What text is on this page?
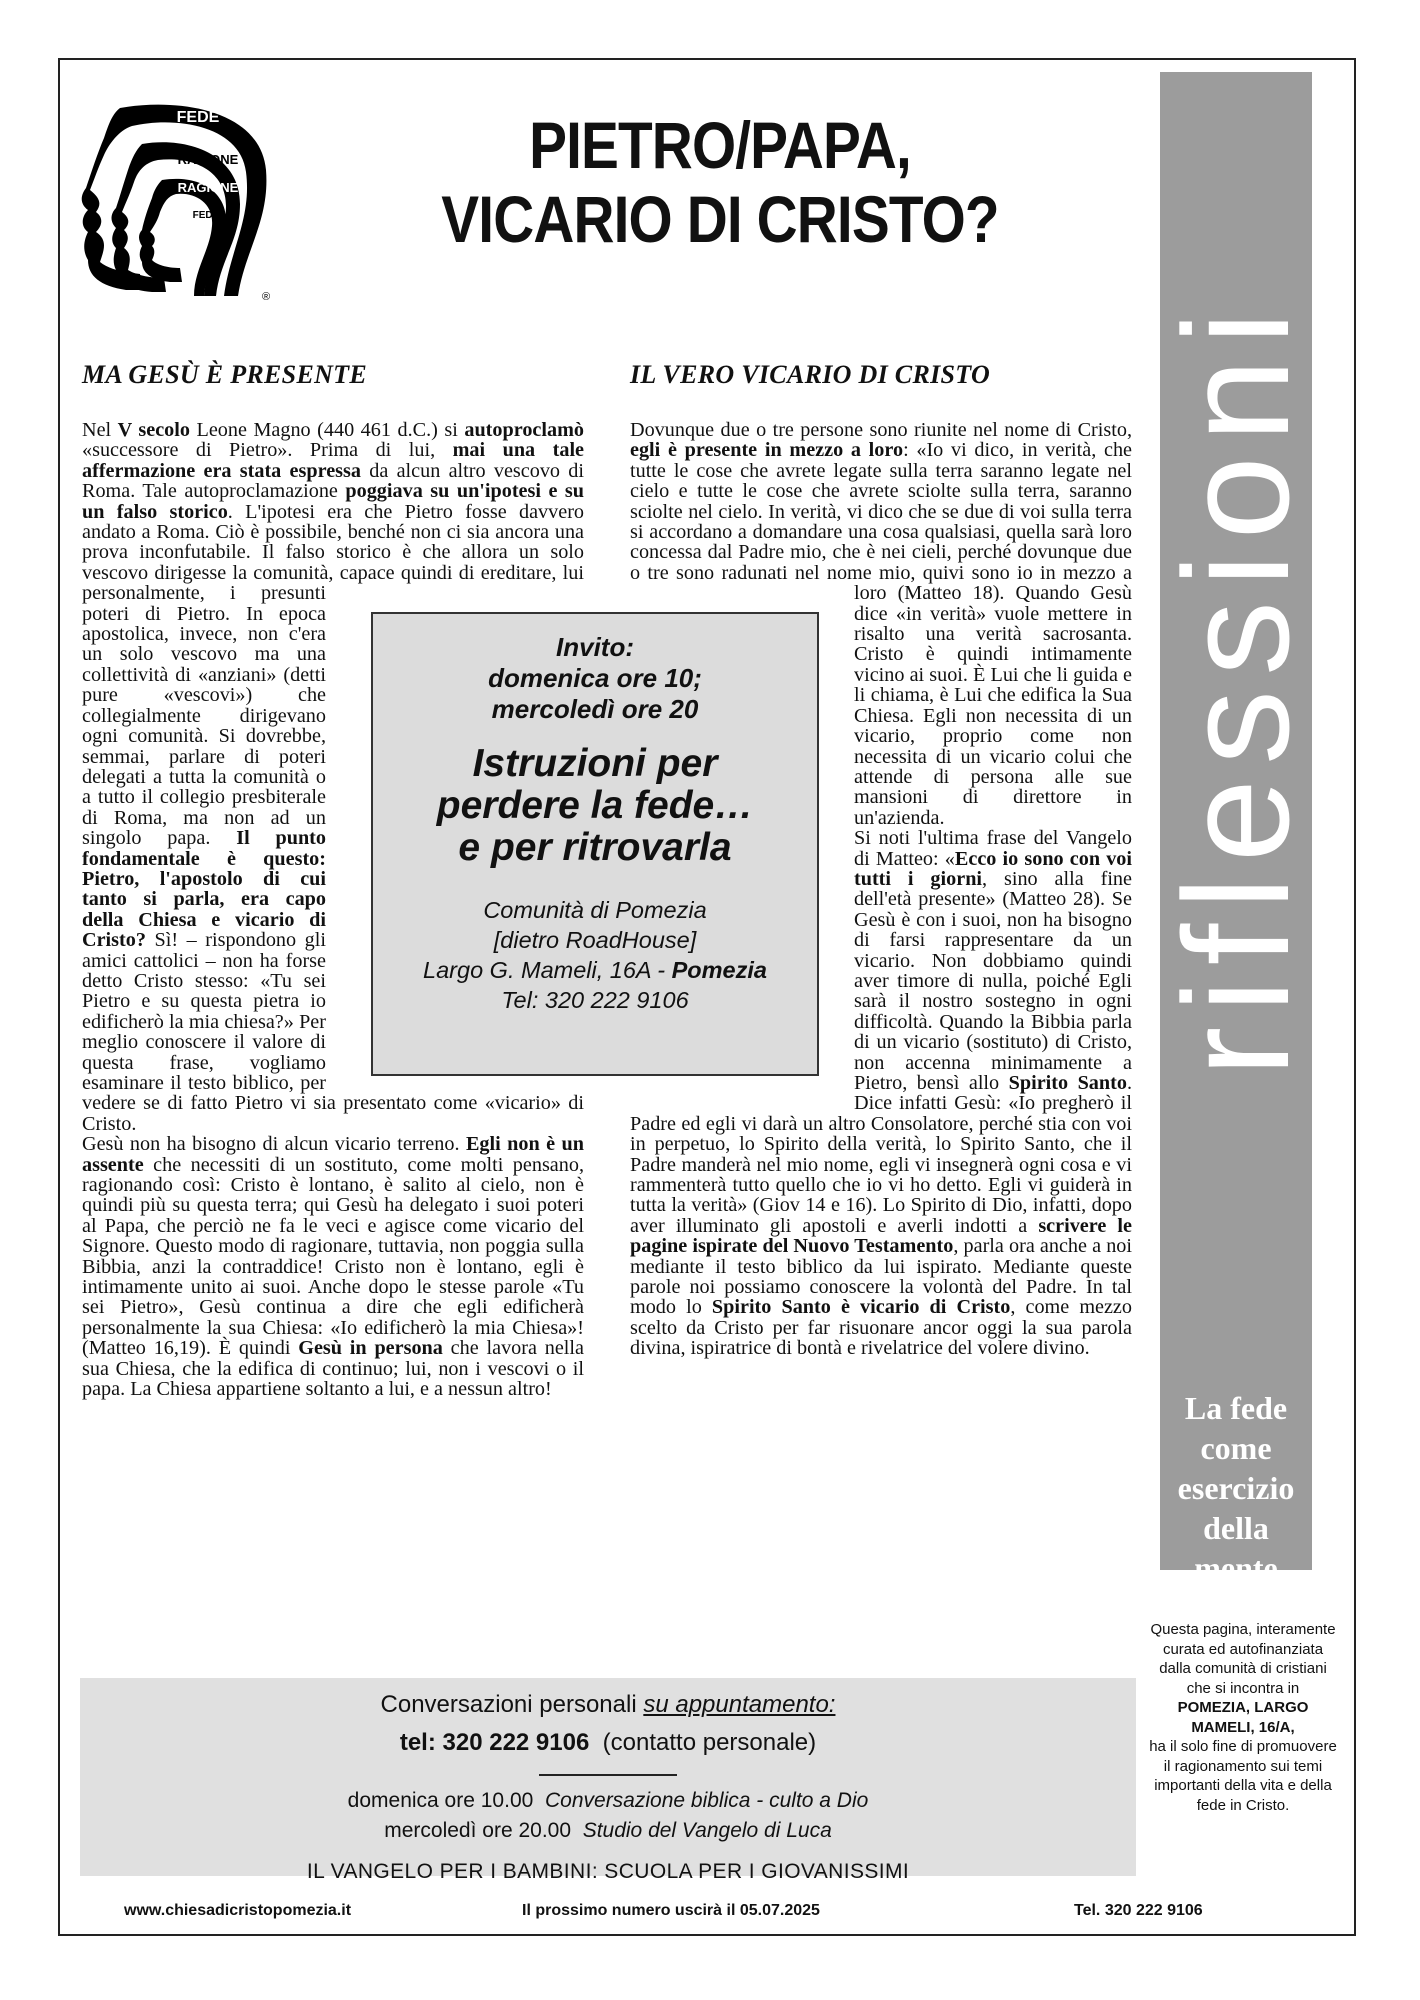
FEDE
RAGIONE
RAGIONE
FEDE
®
PIETRO/PAPA,
VICARIO DI CRISTO?
riflessioni
La fede
come
esercizio
della
mente
MA GESÙ È PRESENTE	IL VERO VICARIO DI CRISTO

Nel V secolo Leone Magno (440 461 d.C.) si autoproclamò «successore di Pietro». Prima di lui, mai una tale affermazione era stata espressa da alcun altro vescovo di Roma. Tale autoproclamazione poggiava su un'ipotesi e su un falso storico. L'ipotesi era che Pietro fosse davvero andato a Roma. Ciò è possibile, benché non ci sia ancora una prova inconfutabile. Il falso storico è che allora un solo vescovo dirigesse la comunità, capace quindi di ereditare, lui personalmente, i presunti poteri di Pietro. In epoca apostolica, invece, non c'era un solo vescovo ma una collettività di «anziani» (detti pure «vescovi») che collegialmente dirigevano ogni comunità. Si dovrebbe, semmai, parlare di poteri delegati a tutta la comunità o a tutto il collegio presbiterale di Roma, ma non ad un singolo papa. Il punto fondamentale è questo: Pietro, l'apostolo di cui tanto si parla, era capo della Chiesa e vicario di Cristo? Sì! – rispondono gli amici cattolici – non ha forse detto Cristo stesso: «Tu sei Pietro e su questa pietra io edificherò la mia chiesa?» Per meglio conoscere il valore di questa frase, vogliamo esaminare il testo biblico, per vedere se di fatto Pietro vi sia presentato come «vicario» di Cristo.

Gesù non ha bisogno di alcun vicario terreno. Egli non è un assente che necessiti di un sostituto, come molti pensano, ragionando così: Cristo è lontano, è salito al cielo, non è quindi più su questa terra; qui Gesù ha delegato i suoi poteri al Papa, che perciò ne fa le veci e agisce come vicario del Signore. Questo modo di ragionare, tuttavia, non poggia sulla Bibbia, anzi la contraddice! Cristo non è lontano, egli è intimamente unito ai suoi. Anche dopo le stesse parole «Tu sei Pietro», Gesù continua a dire che egli edificherà personalmente la sua Chiesa: «Io edificherò la mia Chiesa»! (Matteo 16,19). È quindi Gesù in persona che lavora nella sua Chiesa, che la edifica di continuo; lui, non i vescovi o il papa. La Chiesa appartiene soltanto a lui, e a nessun altro!

Dovunque due o tre persone sono riunite nel nome di Cristo, egli è presente in mezzo a loro: «Io vi dico, in verità, che tutte le cose che avrete legate sulla terra saranno legate nel cielo e tutte le cose che avrete sciolte sulla terra, saranno sciolte nel cielo. In verità, vi dico che se due di voi sulla terra si accordano a domandare una cosa qualsiasi, quella sarà loro concessa dal Padre mio, che è nei cieli, perché dovunque due o tre sono radunati nel nome mio, quivi sono io in mezzo a loro (Matteo 18). Quando Gesù dice «in verità» vuole mettere in risalto una verità sacrosanta. Cristo è quindi intimamente vicino ai suoi. È Lui che li guida e li chiama, è Lui che edifica la Sua Chiesa. Egli non necessita di un vicario, proprio come non necessita di un vicario colui che attende di persona alle sue mansioni di direttore in un'azienda.

Si noti l'ultima frase del Vangelo di Matteo: «Ecco io sono con voi tutti i giorni, sino alla fine dell'età presente» (Matteo 28). Se Gesù è con i suoi, non ha bisogno di farsi rappresentare da un vicario. Non dobbiamo quindi aver timore di nulla, poiché Egli sarà il nostro sostegno in ogni difficoltà. Quando la Bibbia parla di un vicario (sostituto) di Cristo, non accenna minimamente a Pietro, bensì allo Spirito Santo. Dice infatti Gesù: «Io pregherò il Padre ed egli vi darà un altro Consolatore, perché stia con voi in perpetuo, lo Spirito della verità, lo Spirito Santo, che il Padre manderà nel mio nome, egli vi insegnerà ogni cosa e vi rammenterà tutto quello che io vi ho detto. Egli vi guiderà in tutta la verità» (Giov 14 e 16). Lo Spirito di Dio, infatti, dopo aver illuminato gli apostoli e averli indotti a scrivere le pagine ispirate del Nuovo Testamento, parla ora anche a noi mediante il testo biblico da lui ispirato. Mediante queste parole noi possiamo conoscere la volontà del Padre. In tal modo lo Spirito Santo è vicario di Cristo, come mezzo scelto da Cristo per far risuonare ancor oggi la sua parola divina, ispiratrice di bontà e rivelatrice del volere divino.

Invito:
domenica ore 10;
mercoledì ore 20
Istruzioni per
perdere la fede…
e per ritrovarla
Comunità di Pomezia
[dietro RoadHouse]
Largo G. Mameli, 16A - Pomezia
Tel: 320 222 9106
Conversazioni personali su appuntamento:
tel: 320 222 9106 (contatto personale)
domenica ore 10.00 Conversazione biblica - culto a Dio
mercoledì ore 20.00 Studio del Vangelo di Luca
IL VANGELO PER I BAMBINI: SCUOLA PER I GIOVANISSIMI
Questa pagina, interamente curata ed autofinanziata dalla comunità di cristiani che si incontra in
POMEZIA, LARGO MAMELI, 16/A,
ha il solo fine di promuovere il ragionamento sui temi importanti della vita e della fede in Cristo.
www.chiesadicristopomezia.it	Il prossimo numero uscirà il 05.07.2025	Tel. 320 222 9106
